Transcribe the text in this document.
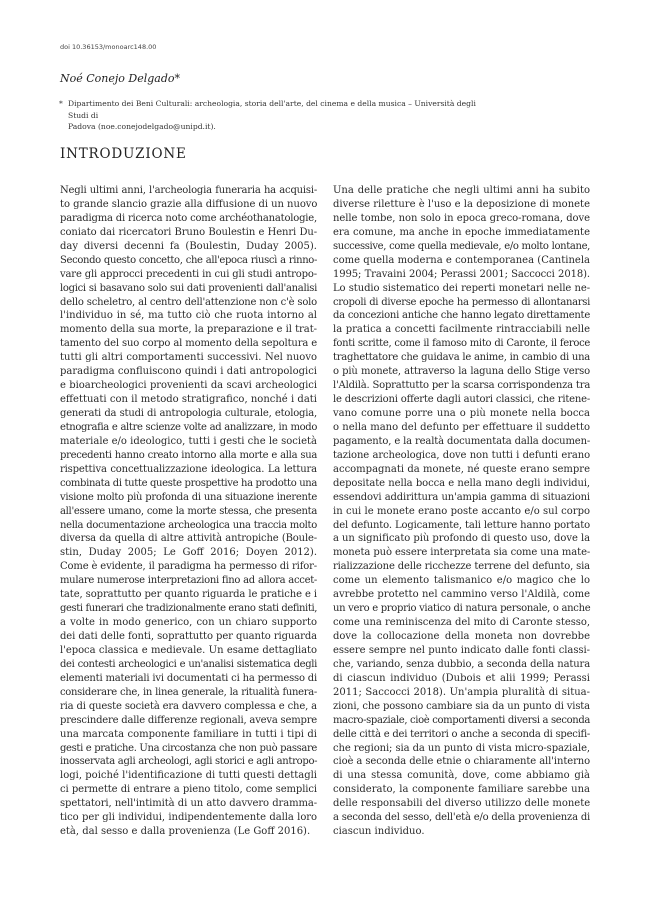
doi 10.36153/monoarc148.00
Noé Conejo Delgado*
* Dipartimento dei Beni Culturali: archeologia, storia dell'arte, del cinema e della musica – Università degli Studi di
Padova (noe.conejodelgado@unipd.it).
INTRODUZIONE
Negli ultimi anni, l'archeologia funeraria ha acquisi-
to grande slancio grazie alla diffusione di un nuovo
paradigma di ricerca noto come archéothanatologie,
coniato dai ricercatori Bruno Boulestin e Henri Du-
day diversi decenni fa (Boulestin, Duday 2005).
Secondo questo concetto, che all'epoca riuscì a rinno-
vare gli approcci precedenti in cui gli studi antropo-
logici si basavano solo sui dati provenienti dall'analisi
dello scheletro, al centro dell'attenzione non c'è solo
l'individuo in sé, ma tutto ciò che ruota intorno al
momento della sua morte, la preparazione e il trat-
tamento del suo corpo al momento della sepoltura e
tutti gli altri comportamenti successivi. Nel nuovo
paradigma confluiscono quindi i dati antropologici
e bioarcheologici provenienti da scavi archeologici
effettuati con il metodo stratigrafico, nonché i dati
generati da studi di antropologia culturale, etologia,
etnografia e altre scienze volte ad analizzare, in modo
materiale e/o ideologico, tutti i gesti che le società
precedenti hanno creato intorno alla morte e alla sua
rispettiva concettualizzazione ideologica. La lettura
combinata di tutte queste prospettive ha prodotto una
visione molto più profonda di una situazione inerente
all'essere umano, come la morte stessa, che presenta
nella documentazione archeologica una traccia molto
diversa da quella di altre attività antropiche (Boule-
stin, Duday 2005; Le Goff 2016; Doyen 2012).
Come è evidente, il paradigma ha permesso di rifor-
mulare numerose interpretazioni fino ad allora accet-
tate, soprattutto per quanto riguarda le pratiche e i
gesti funerari che tradizionalmente erano stati definiti,
a volte in modo generico, con un chiaro supporto
dei dati delle fonti, soprattutto per quanto riguarda
l'epoca classica e medievale. Un esame dettagliato
dei contesti archeologici e un'analisi sistematica degli
elementi materiali ivi documentati ci ha permesso di
considerare che, in linea generale, la ritualità funera-
ria di queste società era davvero complessa e che, a
prescindere dalle differenze regionali, aveva sempre
una marcata componente familiare in tutti i tipi di
gesti e pratiche. Una circostanza che non può passare
inosservata agli archeologi, agli storici e agli antropo-
logi, poiché l'identificazione di tutti questi dettagli
ci permette di entrare a pieno titolo, come semplici
spettatori, nell'intimità di un atto davvero dramma-
tico per gli individui, indipendentemente dalla loro
età, dal sesso e dalla provenienza (Le Goff 2016).
Una delle pratiche che negli ultimi anni ha subito
diverse riletture è l'uso e la deposizione di monete
nelle tombe, non solo in epoca greco-romana, dove
era comune, ma anche in epoche immediatamente
successive, come quella medievale, e/o molto lontane,
come quella moderna e contemporanea (Cantinela
1995; Travaini 2004; Perassi 2001; Saccocci 2018).
Lo studio sistematico dei reperti monetari nelle ne-
cropoli di diverse epoche ha permesso di allontanarsi
da concezioni antiche che hanno legato direttamente
la pratica a concetti facilmente rintracciabili nelle
fonti scritte, come il famoso mito di Caronte, il feroce
traghettatore che guidava le anime, in cambio di una
o più monete, attraverso la laguna dello Stige verso
l'Aldilà. Soprattutto per la scarsa corrispondenza tra
le descrizioni offerte dagli autori classici, che ritene-
vano comune porre una o più monete nella bocca
o nella mano del defunto per effettuare il suddetto
pagamento, e la realtà documentata dalla documen-
tazione archeologica, dove non tutti i defunti erano
accompagnati da monete, né queste erano sempre
depositate nella bocca e nella mano degli individui,
essendovi addirittura un'ampia gamma di situazioni
in cui le monete erano poste accanto e/o sul corpo
del defunto. Logicamente, tali letture hanno portato
a un significato più profondo di questo uso, dove la
moneta può essere interpretata sia come una mate-
rializzazione delle ricchezze terrene del defunto, sia
come un elemento talismanico e/o magico che lo
avrebbe protetto nel cammino verso l'Aldilà, come
un vero e proprio viatico di natura personale, o anche
come una reminiscenza del mito di Caronte stesso,
dove la collocazione della moneta non dovrebbe
essere sempre nel punto indicato dalle fonti classi-
che, variando, senza dubbio, a seconda della natura
di ciascun individuo (Dubois et alii 1999; Perassi
2011; Saccocci 2018). Un'ampia pluralità di situa-
zioni, che possono cambiare sia da un punto di vista
macro-spaziale, cioè comportamenti diversi a seconda
delle città e dei territori o anche a seconda di specifi-
che regioni; sia da un punto di vista micro-spaziale,
cioè a seconda delle etnie o chiaramente all'interno
di una stessa comunità, dove, come abbiamo già
considerato, la componente familiare sarebbe una
delle responsabili del diverso utilizzo delle monete
a seconda del sesso, dell'età e/o della provenienza di
ciascun individuo.
